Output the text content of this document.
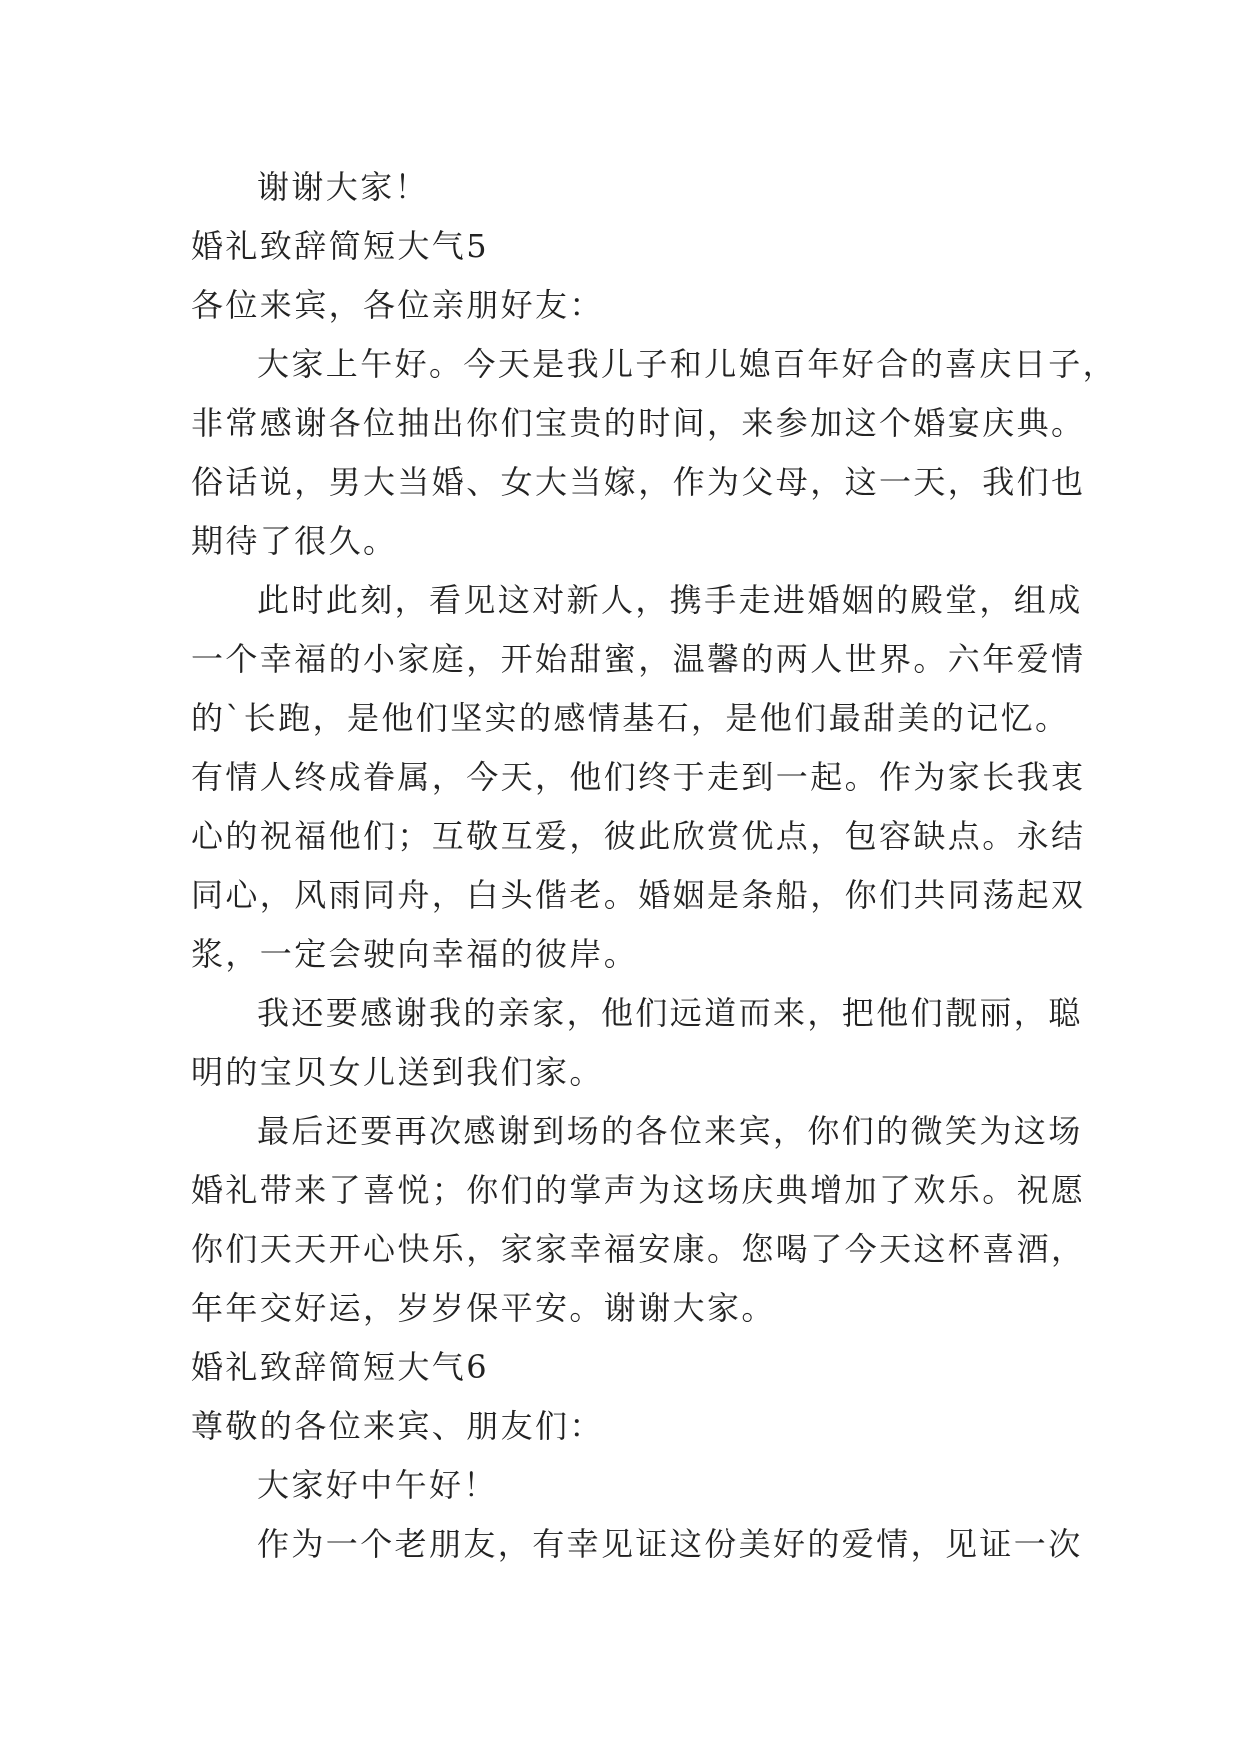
谢谢大家！
婚礼致辞简短大气5
各位来宾，各位亲朋好友：
大家上午好。今天是我儿子和儿媳百年好合的喜庆日子，
非常感谢各位抽出你们宝贵的时间，来参加这个婚宴庆典。
俗话说，男大当婚、女大当嫁，作为父母，这一天，我们也
期待了很久。
此时此刻，看见这对新人，携手走进婚姻的殿堂，组成
一个幸福的小家庭，开始甜蜜，温馨的两人世界。六年爱情
的`长跑，是他们坚实的感情基石，是他们最甜美的记忆。
有情人终成眷属，今天，他们终于走到一起。作为家长我衷
心的祝福他们；互敬互爱，彼此欣赏优点，包容缺点。永结
同心，风雨同舟，白头偕老。婚姻是条船，你们共同荡起双
浆，一定会驶向幸福的彼岸。
我还要感谢我的亲家，他们远道而来，把他们靓丽，聪
明的宝贝女儿送到我们家。
最后还要再次感谢到场的各位来宾，你们的微笑为这场
婚礼带来了喜悦；你们的掌声为这场庆典增加了欢乐。祝愿
你们天天开心快乐，家家幸福安康。您喝了今天这杯喜酒，
年年交好运，岁岁保平安。谢谢大家。
婚礼致辞简短大气6
尊敬的各位来宾、朋友们：
大家好中午好！
作为一个老朋友，有幸见证这份美好的爱情，见证一次
